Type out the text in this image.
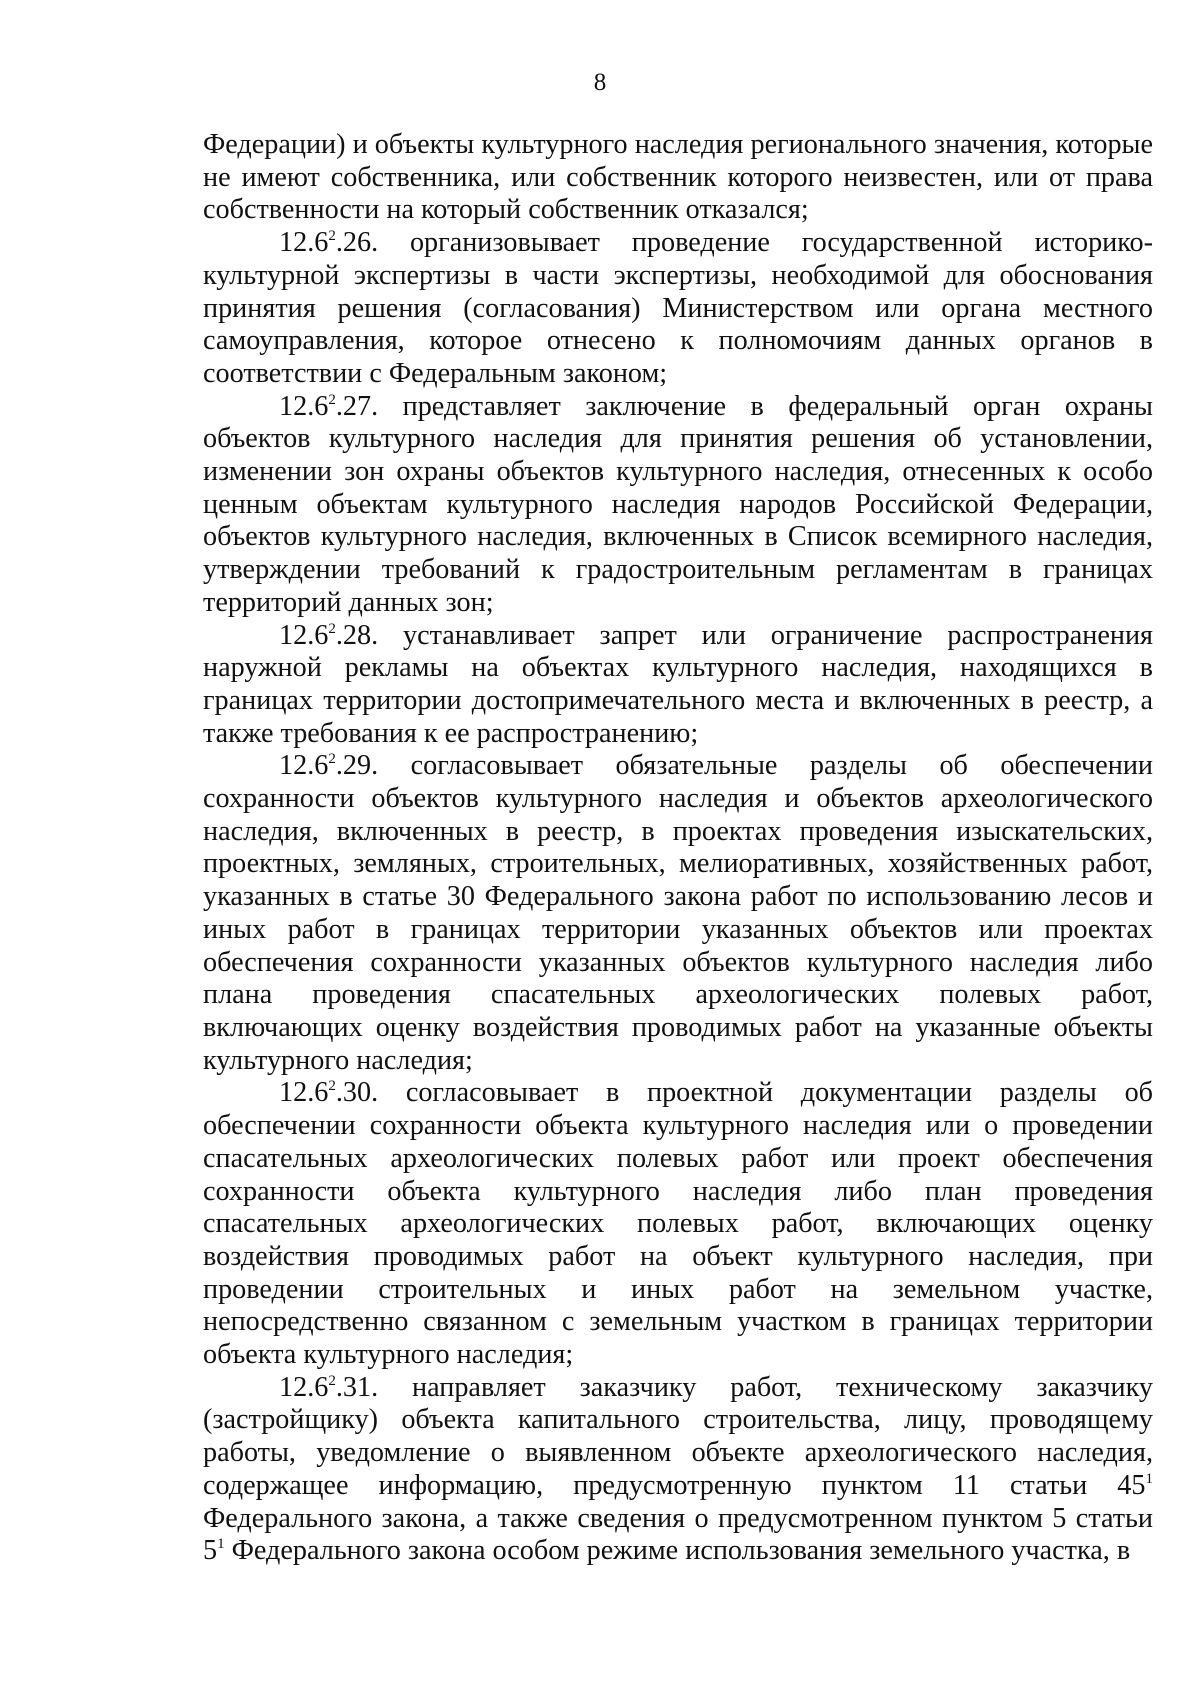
8

Федерации) и объекты культурного наследия регионального значения, которые не имеют собственника, или собственник которого неизвестен, или от права собственности на который собственник отказался;

12.6$^2$.26. организовывает проведение государственной историко-культурной экспертизы в части экспертизы, необходимой для обоснования принятия решения (согласования) Министерством или органа местного самоуправления, которое отнесено к полномочиям данных органов в соответствии с Федеральным законом;

12.6$^2$.27. представляет заключение в федеральный орган охраны объектов культурного наследия для принятия решения об установлении, изменении зон охраны объектов культурного наследия, отнесенных к особо ценным объектам культурного наследия народов Российской Федерации, объектов культурного наследия, включенных в Список всемирного наследия, утверждении требований к градостроительным регламентам в границах территорий данных зон;

12.6$^2$.28. устанавливает запрет или ограничение распространения наружной рекламы на объектах культурного наследия, находящихся в границах территории достопримечательного места и включенных в реестр, а также требования к ее распространению;

12.6$^2$.29. согласовывает обязательные разделы об обеспечении сохранности объектов культурного наследия и объектов археологического наследия, включенных в реестр, в проектах проведения изыскательских, проектных, земляных, строительных, мелиоративных, хозяйственных работ, указанных в статье 30 Федерального закона работ по использованию лесов и иных работ в границах территории указанных объектов или проектах обеспечения сохранности указанных объектов культурного наследия либо плана проведения спасательных археологических полевых работ, включающих оценку воздействия проводимых работ на указанные объекты культурного наследия;

12.6$^2$.30. согласовывает в проектной документации разделы об обеспечении сохранности объекта культурного наследия или о проведении спасательных археологических полевых работ или проект обеспечения сохранности объекта культурного наследия либо план проведения спасательных археологических полевых работ, включающих оценку воздействия проводимых работ на объект культурного наследия, при проведении строительных и иных работ на земельном участке, непосредственно связанном с земельным участком в границах территории объекта культурного наследия;

12.6$^2$.31. направляет заказчику работ, техническому заказчику (застройщику) объекта капитального строительства, лицу, проводящему работы, уведомление о выявленном объекте археологического наследия, содержащее информацию, предусмотренную пунктом 11 статьи $45^1$ Федерального закона, а также сведения о предусмотренном пунктом 5 статьи $5^1$ Федерального закона особом режиме использования земельного участка, в
